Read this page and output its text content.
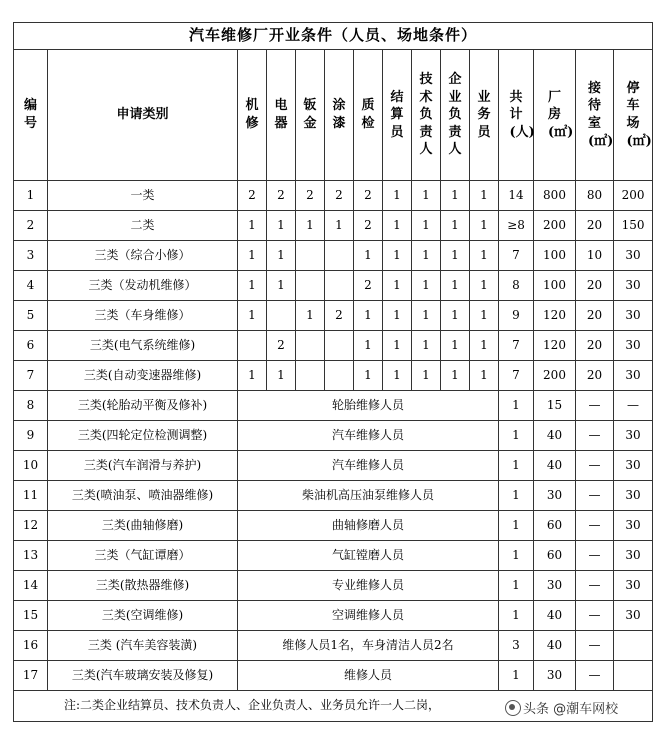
汽车维修厂开业条件（人员、场地条件）														
编号	申请类别	机修	电器	钣金	涂漆	质检	结算员	技术负责人	企业负责人	业务员	共计(人)	厂房(㎡)	接待室(㎡)	停车场(㎡)
1	一类	2	2	2	2	2	1	1	1	1	14	800	80	200
2	二类	1	1	1	1	2	1	1	1	1	≥8	200	20	150
3	三类（综合小修）	1	1			1	1	1	1	1	7	100	10	30
4	三类（发动机维修）	1	1			2	1	1	1	1	8	100	20	30
5	三类（车身维修）	1		1	2	1	1	1	1	1	9	120	20	30
6	三类(电气系统维修)		2			1	1	1	1	1	7	120	20	30
7	三类(自动变速器维修)	1	1			1	1	1	1	1	7	200	20	30
8	三类(轮胎动平衡及修补)	轮胎维修人员									1	15	—	—
9	三类(四轮定位检测调整)	汽车维修人员									1	40	—	30
10	三类(汽车润滑与养护)	汽车维修人员									1	40	—	30
11	三类(喷油泵、喷油器维修)	柴油机高压油泵维修人员									1	30	—	30
12	三类(曲轴修磨)	曲轴修磨人员									1	60	—	30
13	三类（气缸谭磨）	气缸镗磨人员									1	60	—	30
14	三类(散热器维修)	专业维修人员									1	30	—	30
15	三类(空调维修)	空调维修人员									1	40	—	30
16	三类 (汽车美容装潢)	维修人员1名，车身清洁人员2名									3	40	—	
17	三类(汽车玻璃安装及修复)	维修人员									1	30	—	
注:二类企业结算员、技术负责人、企业负责人、业务员允许一人二岗，															头条 @潮车网校
